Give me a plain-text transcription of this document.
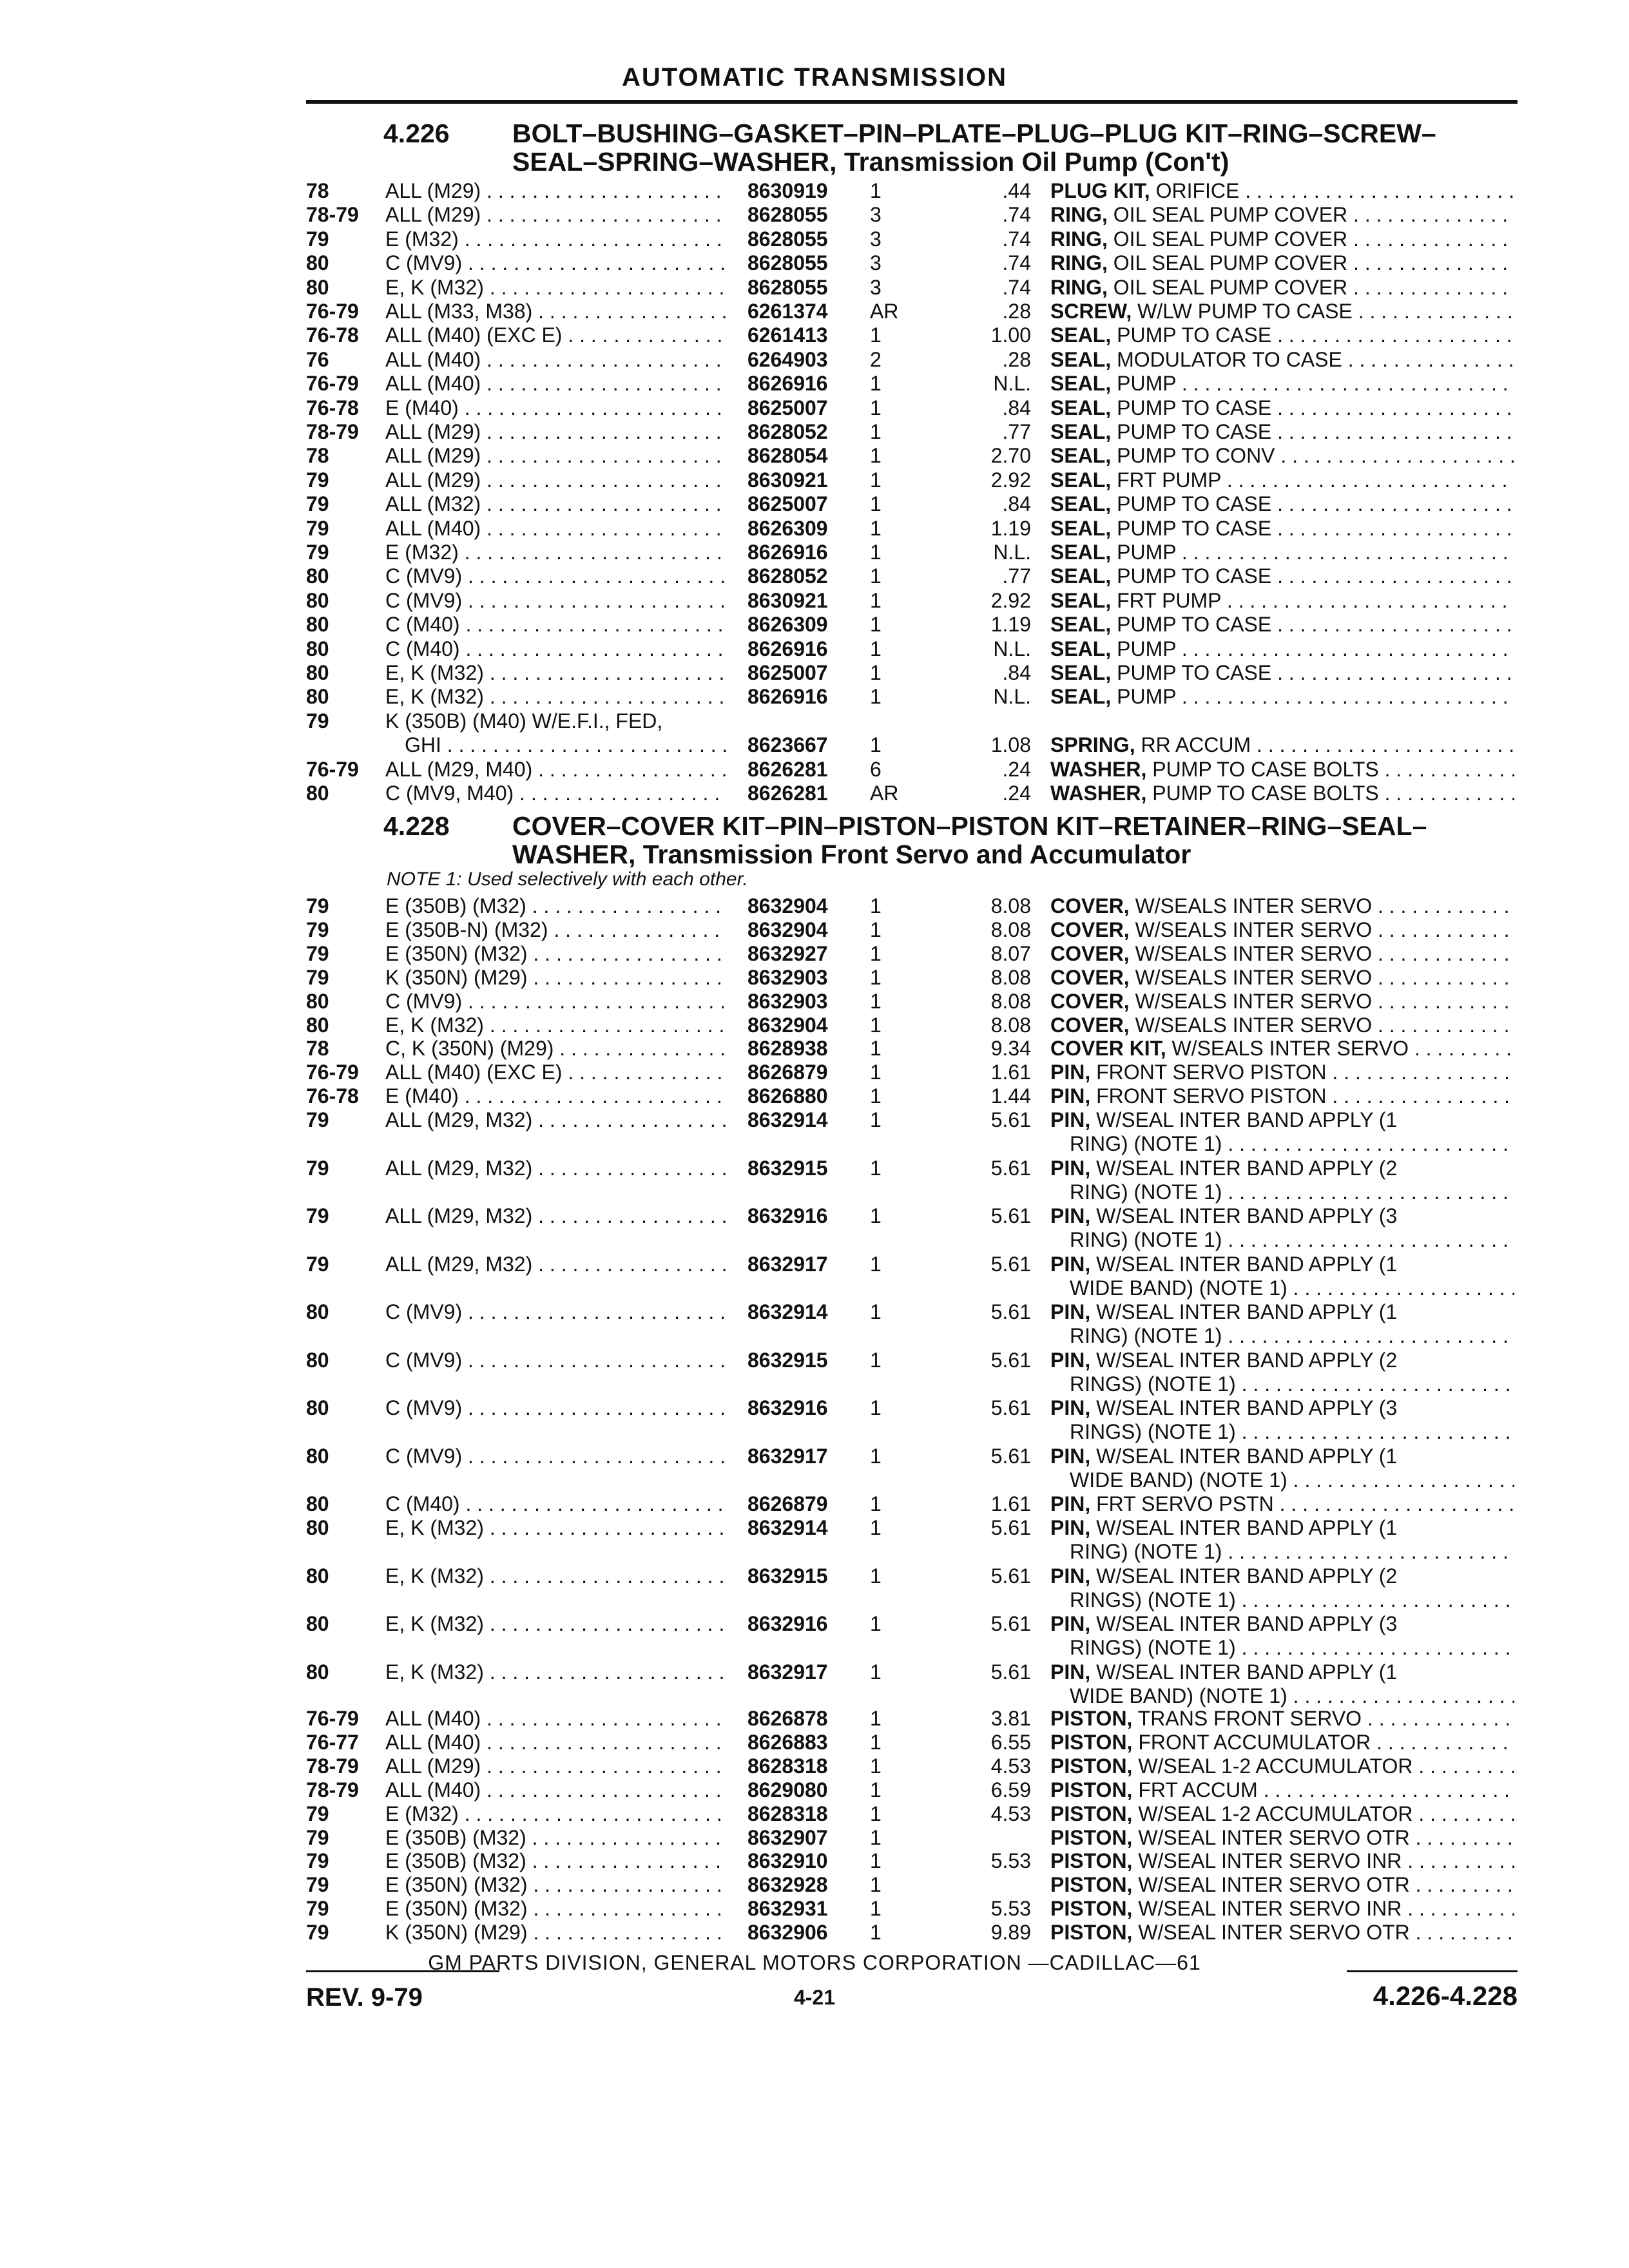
AUTOMATIC TRANSMISSION
4.226 BOLT–BUSHING–GASKET–PIN–PLATE–PLUG–PLUG KIT–RING–SCREW–
SEAL–SPRING–WASHER, Transmission Oil Pump (Con't)
78	ALL (M29) . . .	8630919 1	.44 PLUG KIT, ORIFICE . . .
78-79 ALL (M29) . . .	8628055 3	.74 RING, OIL SEAL PUMP COVER . . .
79	E (M32) . . .	8628055 3	.74 RING, OIL SEAL PUMP COVER . . .
80	C (MV9) . . .	8628055 3	.74 RING, OIL SEAL PUMP COVER . . .
80	E, K (M32) . . .	8628055 3	.74 RING, OIL SEAL PUMP COVER . . .
76-79 ALL (M33, M38) . . .	6261374 AR	.28 SCREW, W/LW PUMP TO CASE . . .
76-78 ALL (M40) (EXC E) . . .	6261413 1	1.00 SEAL, PUMP TO CASE . . .
76	ALL (M40) . . .	6264903 2	.28 SEAL, MODULATOR TO CASE . . .
76-79 ALL (M40) . . .	8626916 1	N.L. SEAL, PUMP . . .
76-78 E (M40) . . .	8625007 1	.84 SEAL, PUMP TO CASE . . .
78-79 ALL (M29) . . .	8628052 1	.77 SEAL, PUMP TO CASE . . .
78	ALL (M29) . . .	8628054 1	2.70 SEAL, PUMP TO CONV . . .
79	ALL (M29) . . .	8630921 1	2.92 SEAL, FRT PUMP . . .
79	ALL (M32) . . .	8625007 1	.84 SEAL, PUMP TO CASE . . .
79	ALL (M40) . . .	8626309 1	1.19 SEAL, PUMP TO CASE . . .
79	E (M32) . . .	8626916 1	N.L. SEAL, PUMP . . .
80	C (MV9) . . .	8628052 1	.77 SEAL, PUMP TO CASE . . .
80	C (MV9) . . .	8630921 1	2.92 SEAL, FRT PUMP . . .
80	C (M40) . . .	8626309 1	1.19 SEAL, PUMP TO CASE . . .
80	C (M40) . . .	8626916 1	N.L. SEAL, PUMP . . .
80	E, K (M32) . . .	8625007 1	.84 SEAL, PUMP TO CASE . . .
80	E, K (M32) . . .	8626916 1	N.L. SEAL, PUMP . . .
79	K (350B) (M40) W/E.F.I., FED,
GHI . . .	8623667 1	1.08 SPRING, RR ACCUM . . .
76-79 ALL (M29, M40) . . .	8626281 6	.24 WASHER, PUMP TO CASE BOLTS . . .
80	C (MV9, M40) . . .	8626281 AR	.24 WASHER, PUMP TO CASE BOLTS . . .
4.228 COVER–COVER KIT–PIN–PISTON–PISTON KIT–RETAINER–RING–SEAL–
WASHER, Transmission Front Servo and Accumulator
NOTE 1: Used selectively with each other.
79	E (350B) (M32) . . .	8632904 1	8.08 COVER, W/SEALS INTER SERVO . . .
79	E (350B-N) (M32) . . .	8632904 1	8.08 COVER, W/SEALS INTER SERVO . . .
79	E (350N) (M32) . . .	8632927 1	8.07 COVER, W/SEALS INTER SERVO . . .
79	K (350N) (M29) . . .	8632903 1	8.08 COVER, W/SEALS INTER SERVO . . .
80	C (MV9) . . .	8632903 1	8.08 COVER, W/SEALS INTER SERVO . . .
80	E, K (M32) . . .	8632904 1	8.08 COVER, W/SEALS INTER SERVO . . .
78	C, K (350N) (M29) . . .	8628938 1	9.34 COVER KIT, W/SEALS INTER SERVO . . .
76-79 ALL (M40) (EXC E) . . .	8626879 1	1.61 PIN, FRONT SERVO PISTON . . .
76-78 E (M40) . . .	8626880 1	1.44 PIN, FRONT SERVO PISTON . . .
79	ALL (M29, M32) . . .	8632914 1	5.61 PIN, W/SEAL INTER BAND APPLY (1
RING) (NOTE 1) . . .
79	ALL (M29, M32) . . .	8632915 1	5.61 PIN, W/SEAL INTER BAND APPLY (2
RING) (NOTE 1) . . .
79	ALL (M29, M32) . . .	8632916 1	5.61 PIN, W/SEAL INTER BAND APPLY (3
RING) (NOTE 1) . . .
79	ALL (M29, M32) . . .	8632917 1	5.61 PIN, W/SEAL INTER BAND APPLY (1
WIDE BAND) (NOTE 1) . . .
80	C (MV9) . . .	8632914 1	5.61 PIN, W/SEAL INTER BAND APPLY (1
RING) (NOTE 1) . . .
80	C (MV9) . . .	8632915 1	5.61 PIN, W/SEAL INTER BAND APPLY (2
RINGS) (NOTE 1) . . .
80	C (MV9) . . .	8632916 1	5.61 PIN, W/SEAL INTER BAND APPLY (3
RINGS) (NOTE 1) . . .
80	C (MV9) . . .	8632917 1	5.61 PIN, W/SEAL INTER BAND APPLY (1
WIDE BAND) (NOTE 1) . . .
80	C (M40) . . .	8626879 1	1.61 PIN, FRT SERVO PSTN . . .
80	E, K (M32) . . .	8632914 1	5.61 PIN, W/SEAL INTER BAND APPLY (1
RING) (NOTE 1) . . .
80	E, K (M32) . . .	8632915 1	5.61 PIN, W/SEAL INTER BAND APPLY (2
RINGS) (NOTE 1) . . .
80	E, K (M32) . . .	8632916 1	5.61 PIN, W/SEAL INTER BAND APPLY (3
RINGS) (NOTE 1) . . .
80	E, K (M32) . . .	8632917 1	5.61 PIN, W/SEAL INTER BAND APPLY (1
WIDE BAND) (NOTE 1) . . .
76-79 ALL (M40) . . .	8626878 1	3.81 PISTON, TRANS FRONT SERVO . . .
76-77 ALL (M40) . . .	8626883 1	6.55 PISTON, FRONT ACCUMULATOR . . .
78-79 ALL (M29) . . .	8628318 1	4.53 PISTON, W/SEAL 1-2 ACCUMULATOR . . .
78-79 ALL (M40) . . .	8629080 1	6.59 PISTON, FRT ACCUM . . .
79	E (M32) . . .	8628318 1	4.53 PISTON, W/SEAL 1-2 ACCUMULATOR . . .
79	E (350B) (M32) . . .	8632907 1	PISTON, W/SEAL INTER SERVO OTR . . .
79	E (350B) (M32) . . .	8632910 1	5.53 PISTON, W/SEAL INTER SERVO INR . . .
79	E (350N) (M32) . . .	8632928 1	PISTON, W/SEAL INTER SERVO OTR . . .
79	E (350N) (M32) . . .	8632931 1	5.53 PISTON, W/SEAL INTER SERVO INR . . .
79	K (350N) (M29) . . .	8632906 1	9.89 PISTON, W/SEAL INTER SERVO OTR . . .
GM PARTS DIVISION, GENERAL MOTORS CORPORATION —CADILLAC—61
REV. 9-79	4-21	4.226-4.228
